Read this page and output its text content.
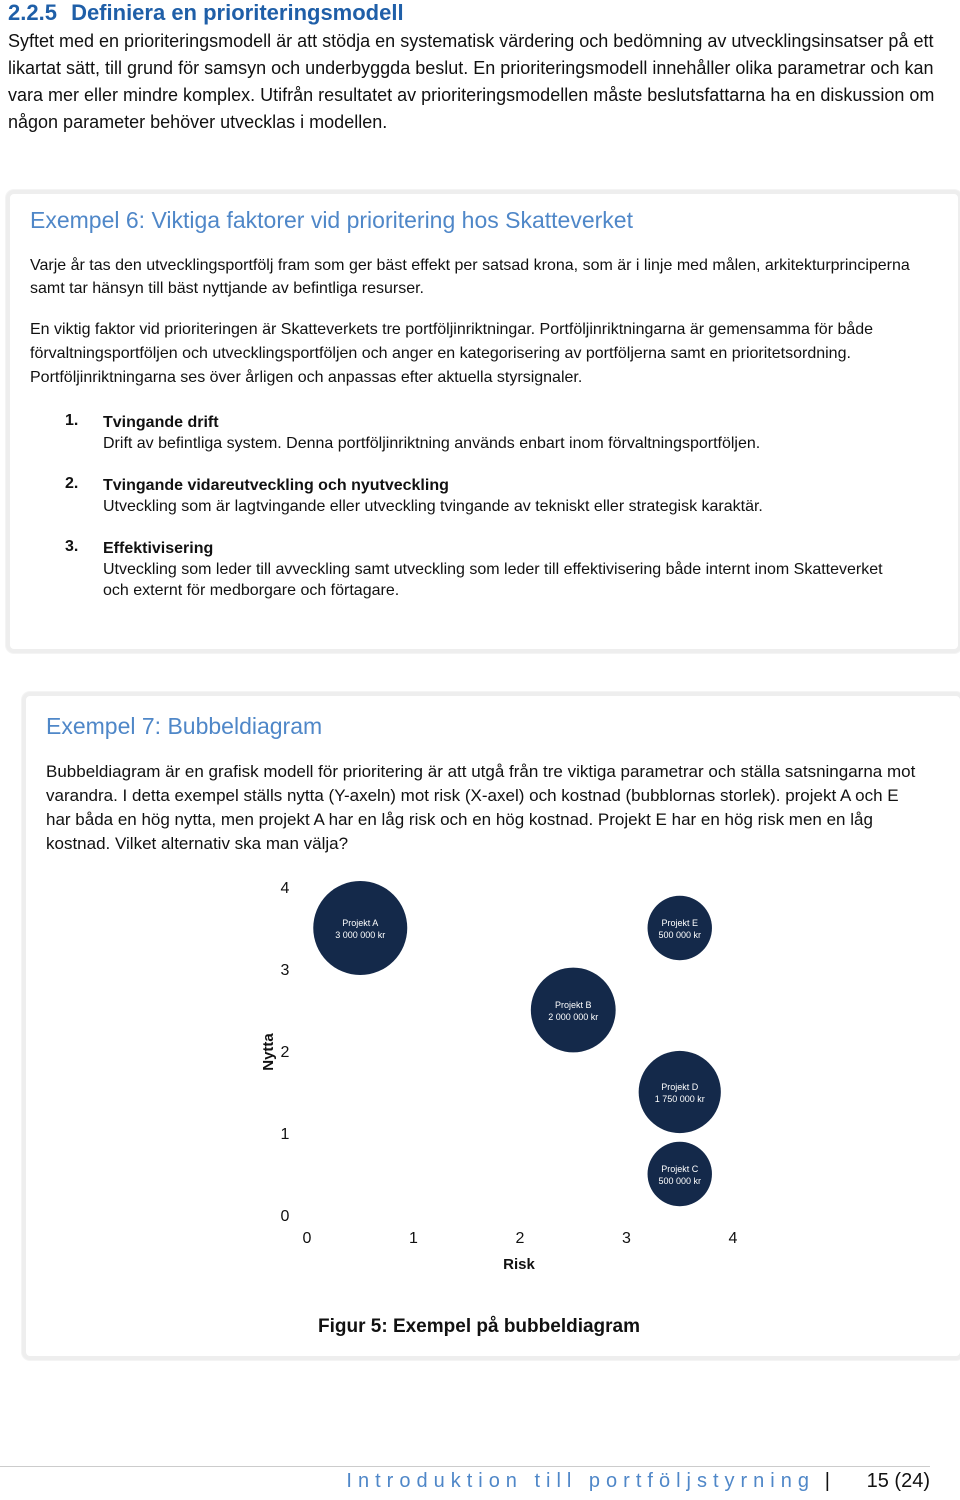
2.2.5 Definiera en prioriteringsmodell
Syftet med en prioriteringsmodell är att stödja en systematisk värdering och bedömning av utvecklingsinsatser på ett likartat sätt, till grund för samsyn och underbyggda beslut. En prioriteringsmodell innehåller olika parametrar och kan vara mer eller mindre komplex. Utifrån resultatet av prioriteringsmodellen måste beslutsfattarna ha en diskussion om någon parameter behöver utvecklas i modellen.
Exempel 6: Viktiga faktorer vid prioritering hos Skatteverket
Varje år tas den utvecklingsportfölj fram som ger bäst effekt per satsad krona, som är i linje med målen, arkitekturprinciperna samt tar hänsyn till bäst nyttjande av befintliga resurser.
En viktig faktor vid prioriteringen är Skatteverkets tre portföljinriktningar. Portföljinriktningarna är gemensamma för både förvaltningsportföljen och utvecklingsportföljen och anger en kategorisering av portföljerna samt en prioritetsordning. Portföljinriktningarna ses över årligen och anpassas efter aktuella styrsignaler.
1. Tvingande drift
Drift av befintliga system. Denna portföljinriktning används enbart inom förvaltningsportföljen.
2. Tvingande vidareutveckling och nyutveckling
Utveckling som är lagtvingande eller utveckling tvingande av tekniskt eller strategisk karaktär.
3. Effektivisering
Utveckling som leder till avveckling samt utveckling som leder till effektivisering både internt inom Skatteverket och externt för medborgare och förtagare.
Exempel 7: Bubbeldiagram
Bubbeldiagram är en grafisk modell för prioritering är att utgå från tre viktiga parametrar och ställa satsningarna mot varandra. I detta exempel ställs nytta (Y-axeln) mot risk (X-axel) och kostnad (bubblornas storlek). projekt A och E har båda en hög nytta, men projekt A har en låg risk och en hög kostnad. Projekt E har en hög risk men en låg kostnad. Vilket alternativ ska man välja?
Nytta
Risk
0
1
2
3
4
0	1	2	3	4
Projekt A
3 000 000 kr
Projekt E
500 000 kr
Projekt B
2 000 000 kr
Projekt D
1 750 000 kr
Projekt C
500 000 kr
Figur 5: Exempel på bubbeldiagram
Introduktion till portföljstyrning | 15 (24)
